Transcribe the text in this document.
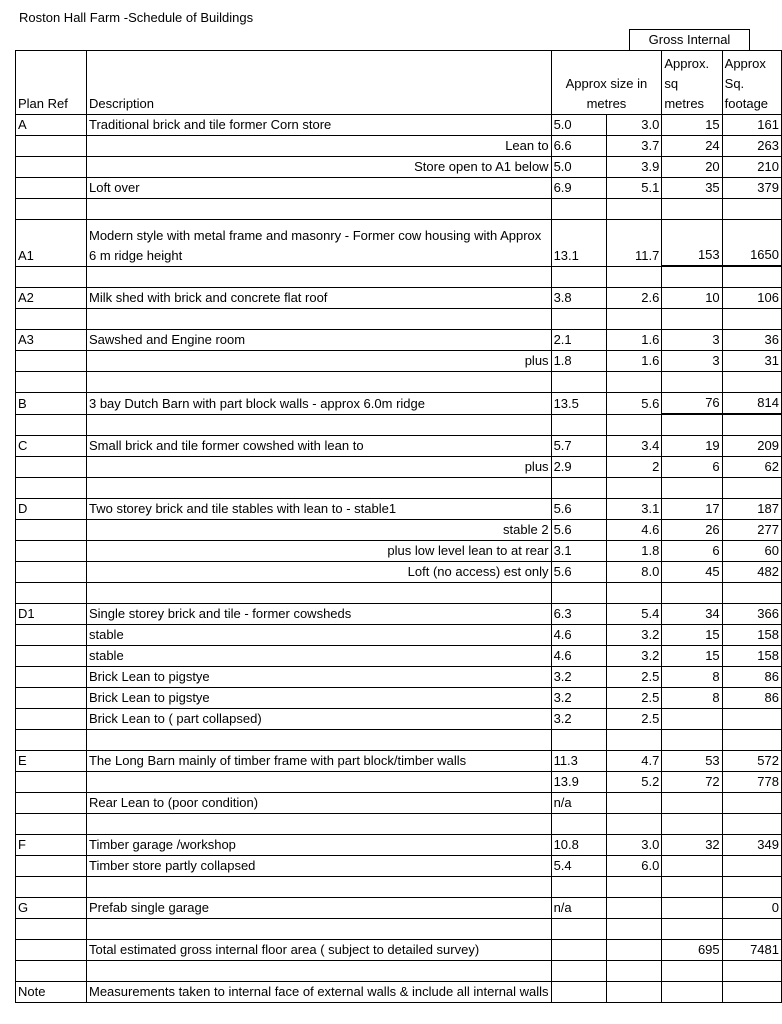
Roston Hall Farm -Schedule of Buildings
Gross Internal
Plan Ref	Description	Approx size in metres		Approx. sq metres	Approx Sq. footage
A	Traditional brick and tile former Corn store	5.0	3.0	15	161
	Lean to	6.6	3.7	24	263
	Store open to A1 below	5.0	3.9	20	210
	Loft over	6.9	5.1	35	379

A1	Modern style with metal frame and masonry - Former cow housing with Approx 6 m ridge height	13.1	11.7	153	1650

A2	Milk shed with brick and concrete flat roof	3.8	2.6	10	106

A3	Sawshed and Engine room	2.1	1.6	3	36
	plus	1.8	1.6	3	31

B	3 bay Dutch Barn with part block walls - approx 6.0m ridge	13.5	5.6	76	814

C	Small brick and tile former cowshed with lean to	5.7	3.4	19	209
	plus	2.9	2	6	62

D	Two storey brick and tile stables with lean to - stable1	5.6	3.1	17	187
	stable 2	5.6	4.6	26	277
	plus low level lean to at rear	3.1	1.8	6	60
	Loft (no access) est only	5.6	8.0	45	482

D1	Single storey brick and tile - former cowsheds	6.3	5.4	34	366
	stable	4.6	3.2	15	158
	stable	4.6	3.2	15	158
	Brick Lean to pigstye	3.2	2.5	8	86
	Brick Lean to pigstye	3.2	2.5	8	86
	Brick Lean to ( part collapsed)	3.2	2.5		

E	The Long Barn mainly of timber frame with part block/timber walls	11.3	4.7	53	572
		13.9	5.2	72	778
	Rear Lean to (poor condition)	n/a			

F	Timber garage /workshop	10.8	3.0	32	349
	Timber store partly collapsed	5.4	6.0		

G	Prefab single garage	n/a			0

	Total estimated gross internal floor area ( subject to detailed survey)			695	7481

Note	Measurements taken to internal face of external walls & include all internal walls				
